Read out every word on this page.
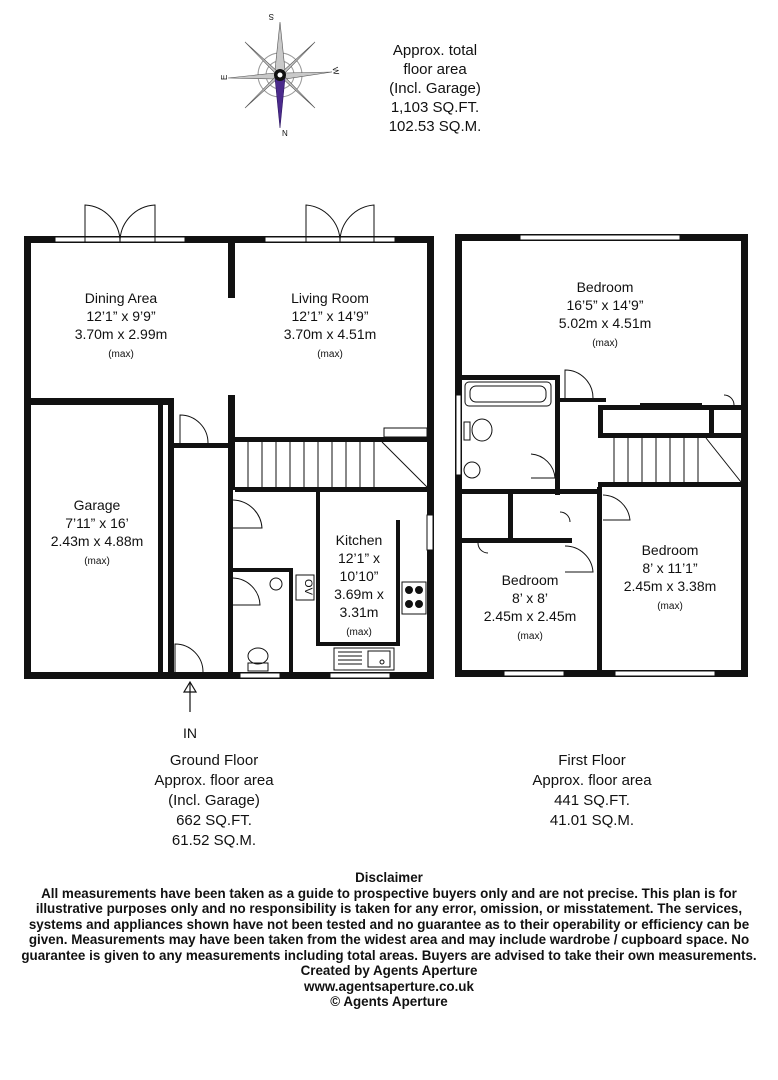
S
N
E
W
Approx. total
floor area
(Incl. Garage)
1,103 SQ.FT.
102.53 SQ.M.
OV
IN
Dining Area
12’1” x 9’9”
3.70m x 2.99m
(max)
Living Room
12’1” x 14’9”
3.70m x 4.51m
(max)
Garage
7’11” x 16’
2.43m x 4.88m
(max)
Kitchen
12’1” x
10’10”
3.69m x
3.31m
(max)
Bedroom
16’5” x 14’9”
5.02m x 4.51m
(max)
Bedroom
8’ x 11’1”
2.45m x 3.38m
(max)
Bedroom
8’ x 8’
2.45m x 2.45m
(max)
Ground Floor
Approx. floor area
(Incl. Garage)
662 SQ.FT.
61.52 SQ.M.
First Floor
Approx. floor area
441 SQ.FT.
41.01 SQ.M.
Disclaimer
All measurements have been taken as a guide to prospective buyers only and are not precise. This plan is for illustrative purposes only and no responsibility is taken for any error, omission, or misstatement. The services, systems and appliances shown have not been tested and no guarantee as to their operability or efficiency can be given. Measurements may have been taken from the widest area and may include wardrobe / cupboard space. No guarantee is given to any measurements including total areas. Buyers are advised to take their own measurements.
Created by Agents Aperture
www.agentsaperture.co.uk
© Agents Aperture
